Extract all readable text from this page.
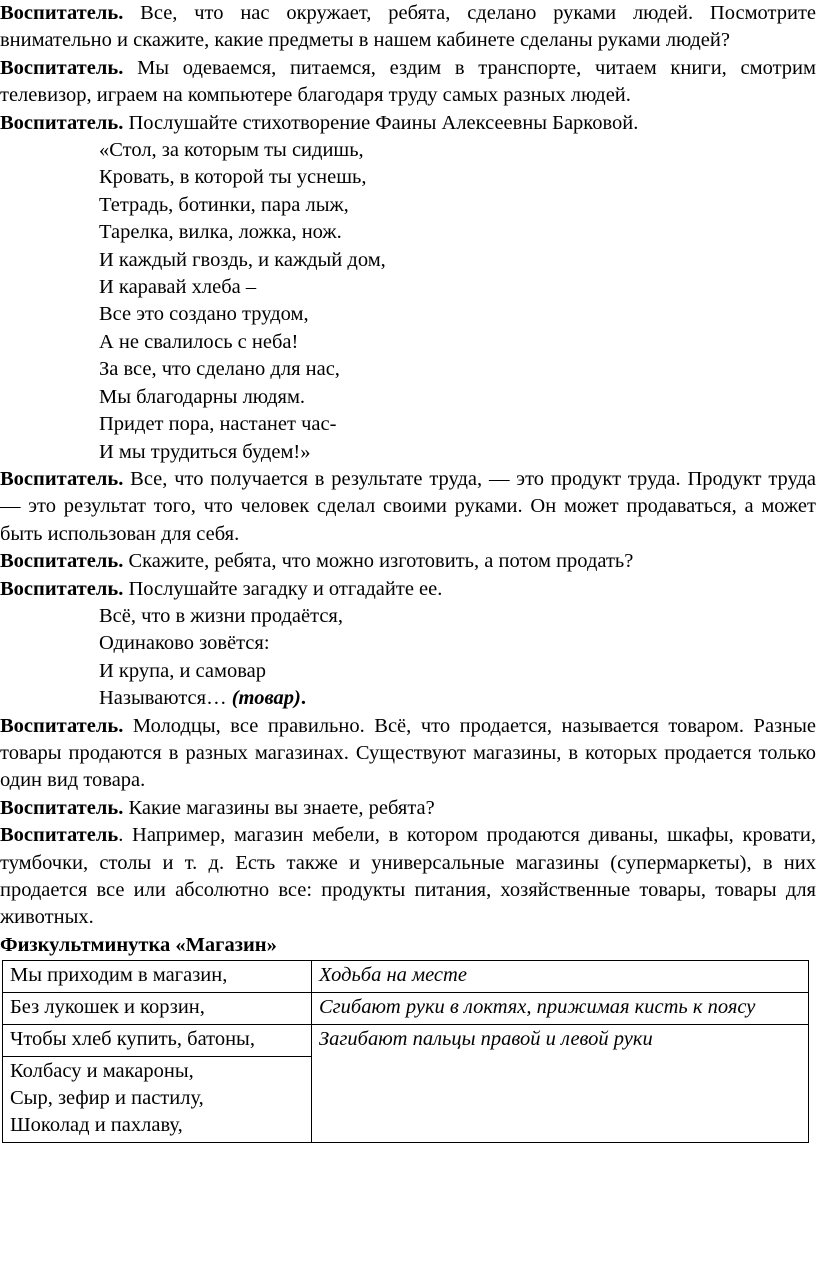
Воспитатель. Все, что нас окружает, ребята, сделано руками людей. Посмотрите внимательно и скажите, какие предметы в нашем кабинете сделаны руками людей?

Воспитатель. Мы одеваемся, питаемся, ездим в транспорте, читаем книги, смотрим телевизор, играем на компьютере благодаря труду самых разных людей.

Воспитатель. Послушайте стихотворение Фаины Алексеевны Барковой.

«Стол, за которым ты сидишь,
Кровать, в которой ты уснешь,
Тетрадь, ботинки, пара лыж,
Тарелка, вилка, ложка, нож.
И каждый гвоздь, и каждый дом,
И каравай хлеба –
Все это создано трудом,
А не свалилось с неба!
За все, что сделано для нас,
Мы благодарны людям.
Придет пора, настанет час-
И мы трудиться будем!»

Воспитатель. Все, что получается в результате труда, — это продукт труда. Продукт труда — это результат того, что человек сделал своими руками. Он может продаваться, а может быть использован для себя.

Воспитатель. Скажите, ребята, что можно изготовить, а потом продать?

Воспитатель. Послушайте загадку и отгадайте ее.

Всё, что в жизни продаётся,
Одинаково зовётся:
И крупа, и самовар
Называются… (товар).

Воспитатель. Молодцы, все правильно. Всё, что продается, называется товаром. Разные товары продаются в разных магазинах. Существуют магазины, в которых продается только один вид товара.

Воспитатель. Какие магазины вы знаете, ребята?

Воспитатель. Например, магазин мебели, в котором продаются диваны, шкафы, кровати, тумбочки, столы и т. д. Есть также и универсальные магазины (супермаркеты), в них продается все или абсолютно все: продукты питания, хозяйственные товары, товары для животных.

Физкультминутка «Магазин»

Мы приходим в магазин,	Ходьба на месте

Без лукошек и корзин,	Сгибают руки в локтях, прижимая кисть к поясу

Чтобы хлеб купить, батоны,	Загибают пальцы правой и левой руки

Колбасу и макароны,
Сыр, зефир и пастилу,
Шоколад и пахлаву,	
